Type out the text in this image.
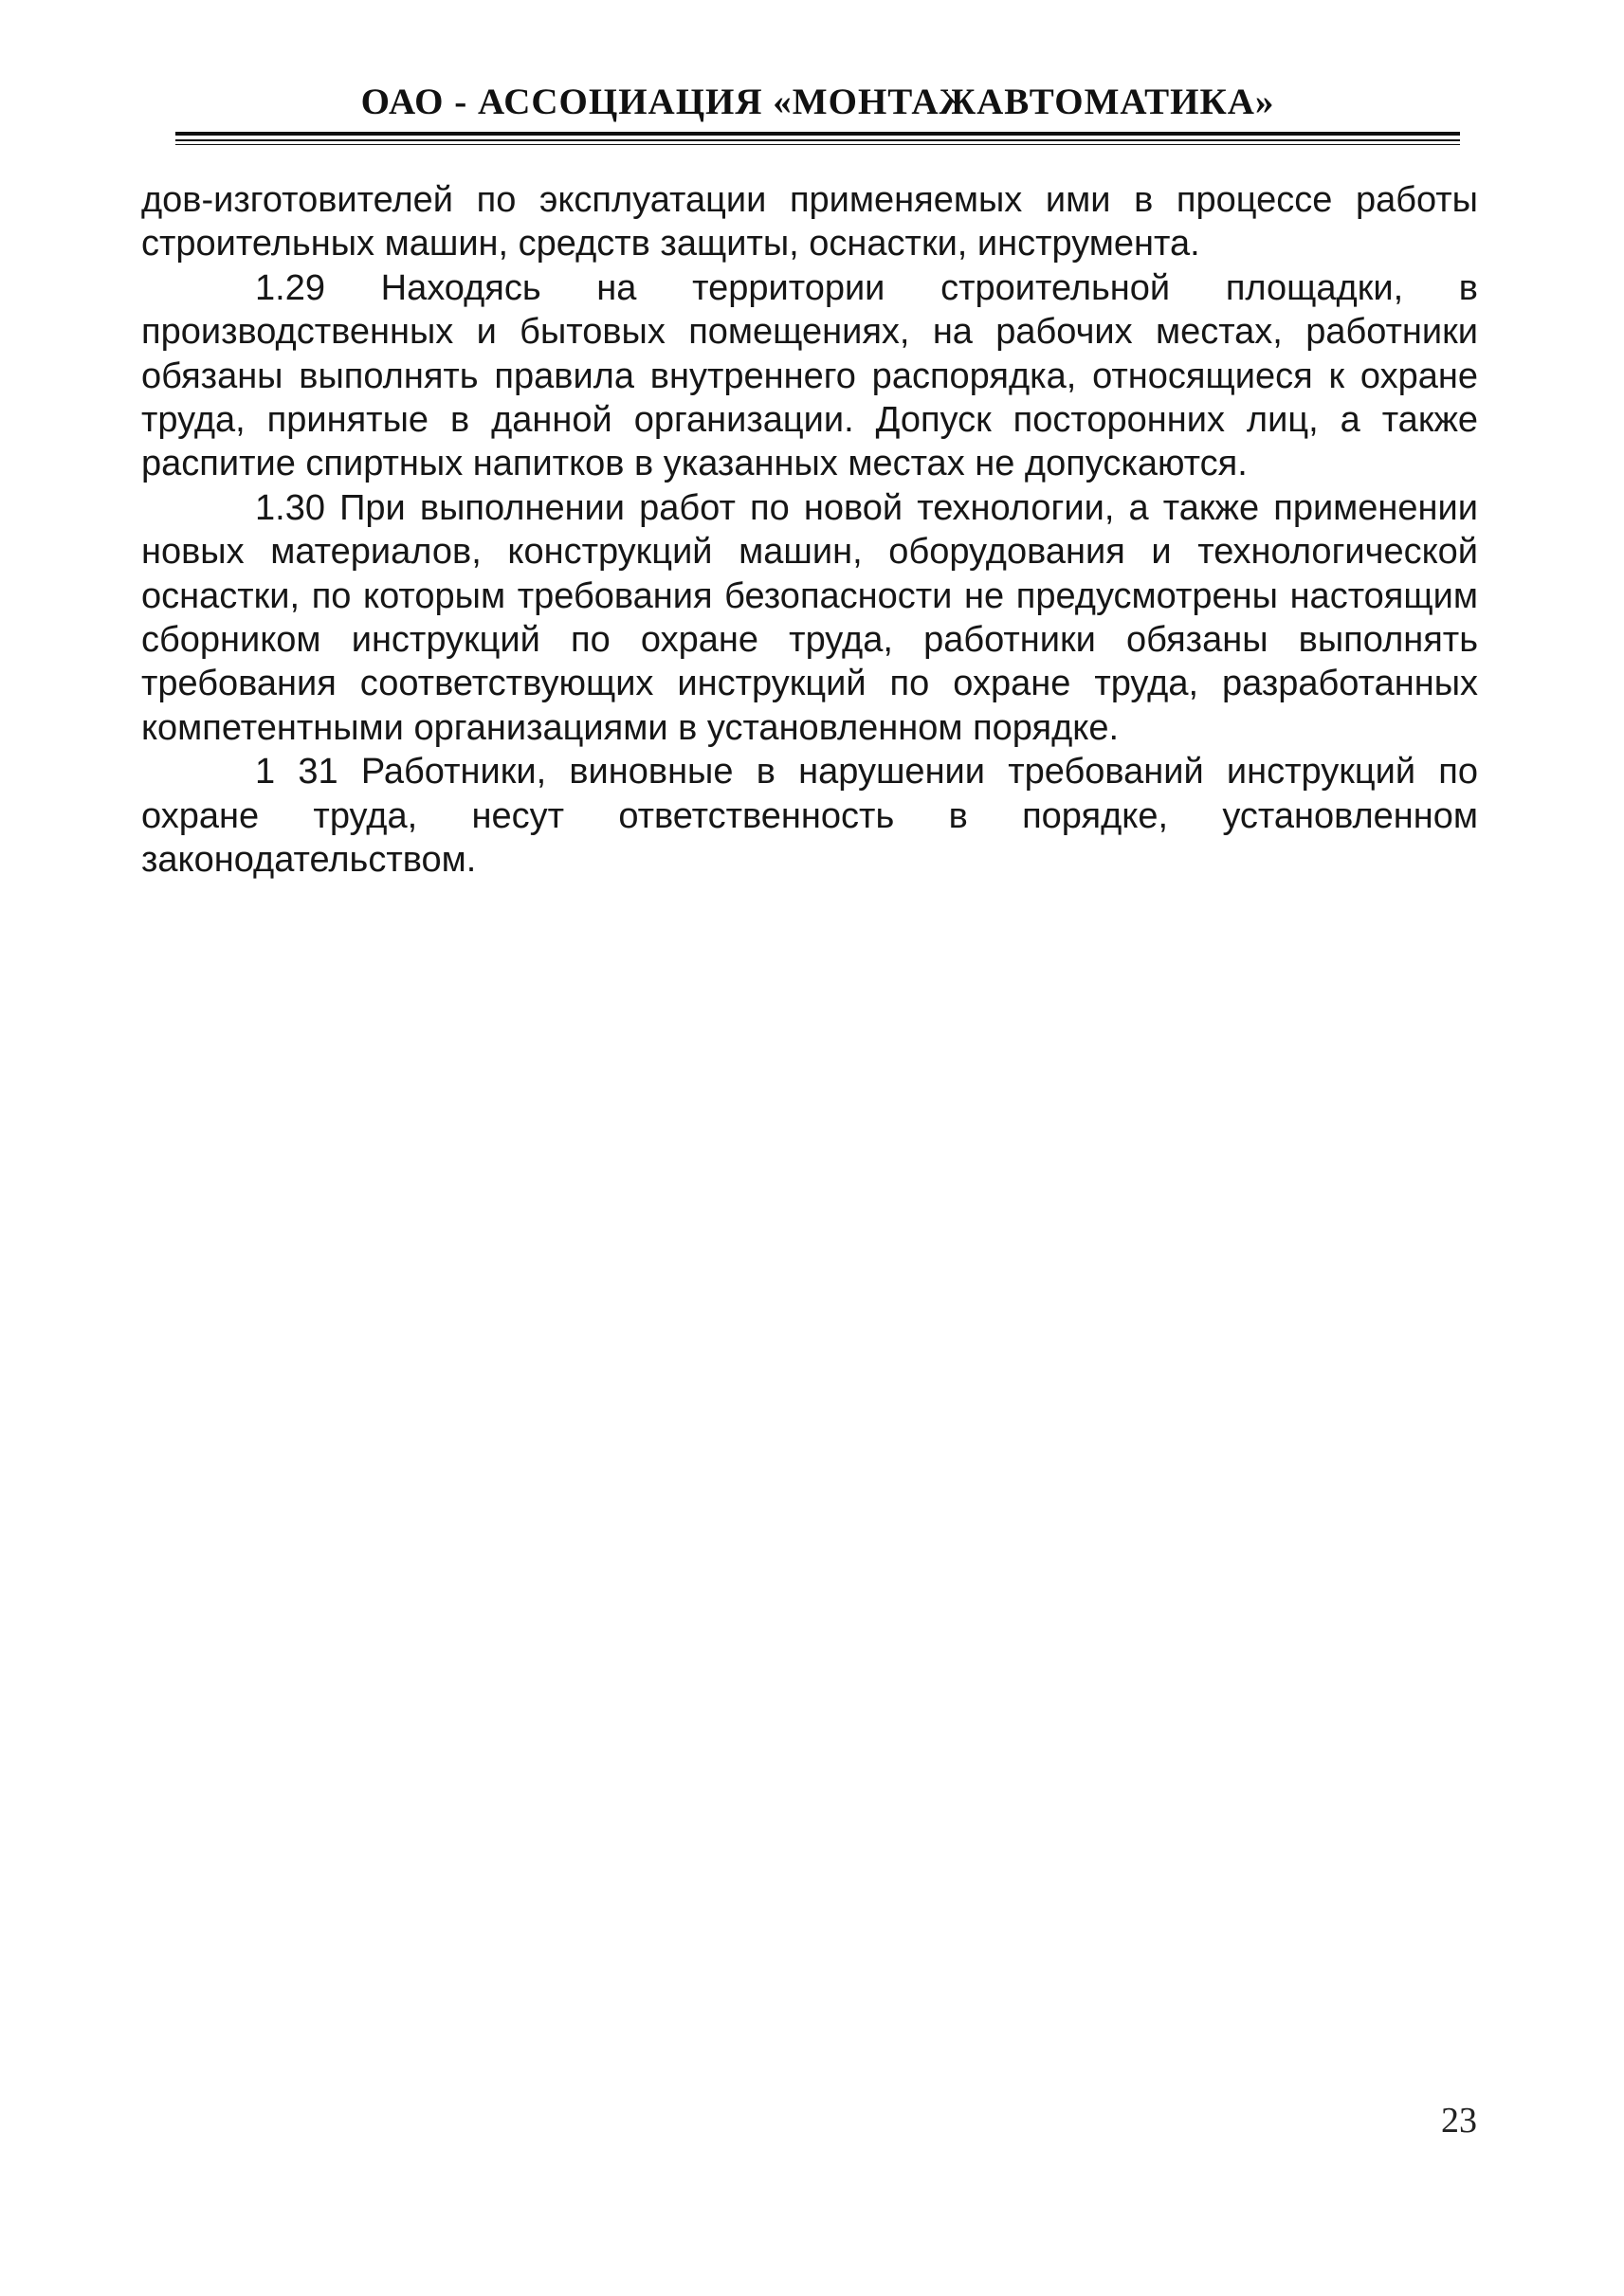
ОАО - АССОЦИАЦИЯ «МОНТАЖАВТОМАТИКА»

дов-изготовителей по эксплуатации применяемых ими в процессе работы строительных машин, средств защиты, оснастки, инструмента.

1.29 Находясь на территории строительной площадки, в производственных и бытовых помещениях, на рабочих местах, работники обязаны выполнять правила внутреннего распорядка, относящиеся к охране труда, принятые в данной организации. Допуск посторонних лиц, а также распитие спиртных напитков в указанных местах не допускаются.

1.30 При выполнении работ по новой технологии, а также применении новых материалов, конструкций машин, оборудования и технологической оснастки, по которым требования безопасности не предусмотрены настоящим сборником инструкций по охране труда, работники обязаны выполнять требования соответствующих инструкций по охране труда, разработанных компетентными организациями в установленном порядке.

1 31 Работники, виновные в нарушении требований инструкций по охране труда, несут ответственность в порядке, установленном законодательством.

23
